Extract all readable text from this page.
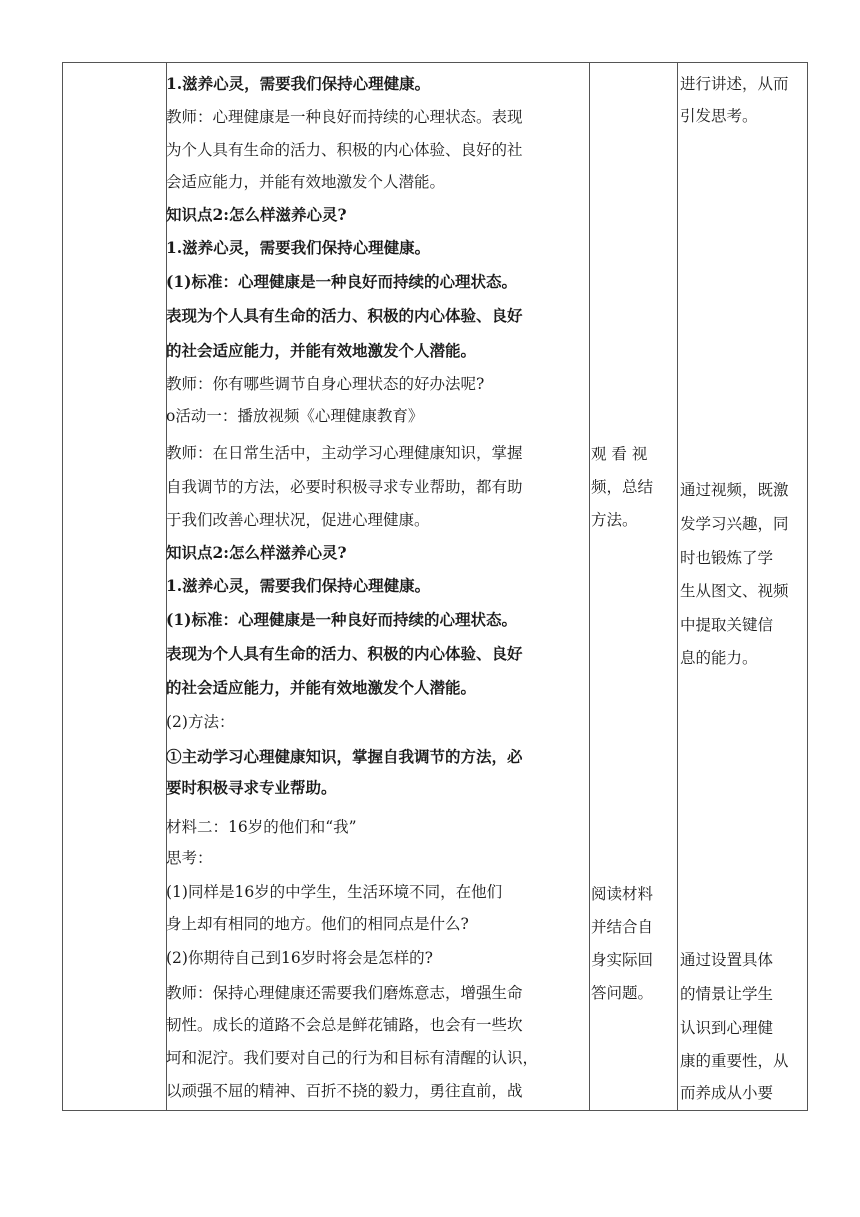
1.滋养心灵，需要我们保持心理健康。
教师：心理健康是一种良好而持续的心理状态。表现
为个人具有生命的活力、积极的内心体验、良好的社
会适应能力，并能有效地激发个人潜能。
知识点2:怎么样滋养心灵?
1.滋养心灵，需要我们保持心理健康。
(1)标准：心理健康是一种良好而持续的心理状态。
表现为个人具有生命的活力、积极的内心体验、良好
的社会适应能力，并能有效地激发个人潜能。
教师：你有哪些调节自身心理状态的好办法呢?
o活动一：播放视频《心理健康教育》
教师：在日常生活中，主动学习心理健康知识，掌握
自我调节的方法，必要时积极寻求专业帮助，都有助
于我们改善心理状况，促进心理健康。
知识点2:怎么样滋养心灵?
1.滋养心灵，需要我们保持心理健康。
(1)标准：心理健康是一种良好而持续的心理状态。
表现为个人具有生命的活力、积极的内心体验、良好
的社会适应能力，并能有效地激发个人潜能。
(2)方法：
①主动学习心理健康知识，掌握自我调节的方法，必
要时积极寻求专业帮助。
材料二：16岁的他们和“我”
思考：
(1)同样是16岁的中学生，生活环境不同，在他们
身上却有相同的地方。他们的相同点是什么?
(2)你期待自己到16岁时将会是怎样的?
教师：保持心理健康还需要我们磨炼意志，增强生命
韧性。成长的道路不会总是鲜花铺路，也会有一些坎
坷和泥泞。我们要对自己的行为和目标有清醒的认识，
以顽强不屈的精神、百折不挠的毅力，勇往直前，战
观 看 视
频，总结
方法。
阅读材料
并结合自
身实际回
答问题。
进行讲述，从而
引发思考。
通过视频，既激
发学习兴趣，同
时也锻炼了学
生从图文、视频
中提取关键信
息的能力。
通过设置具体
的情景让学生
认识到心理健
康的重要性，从
而养成从小要
